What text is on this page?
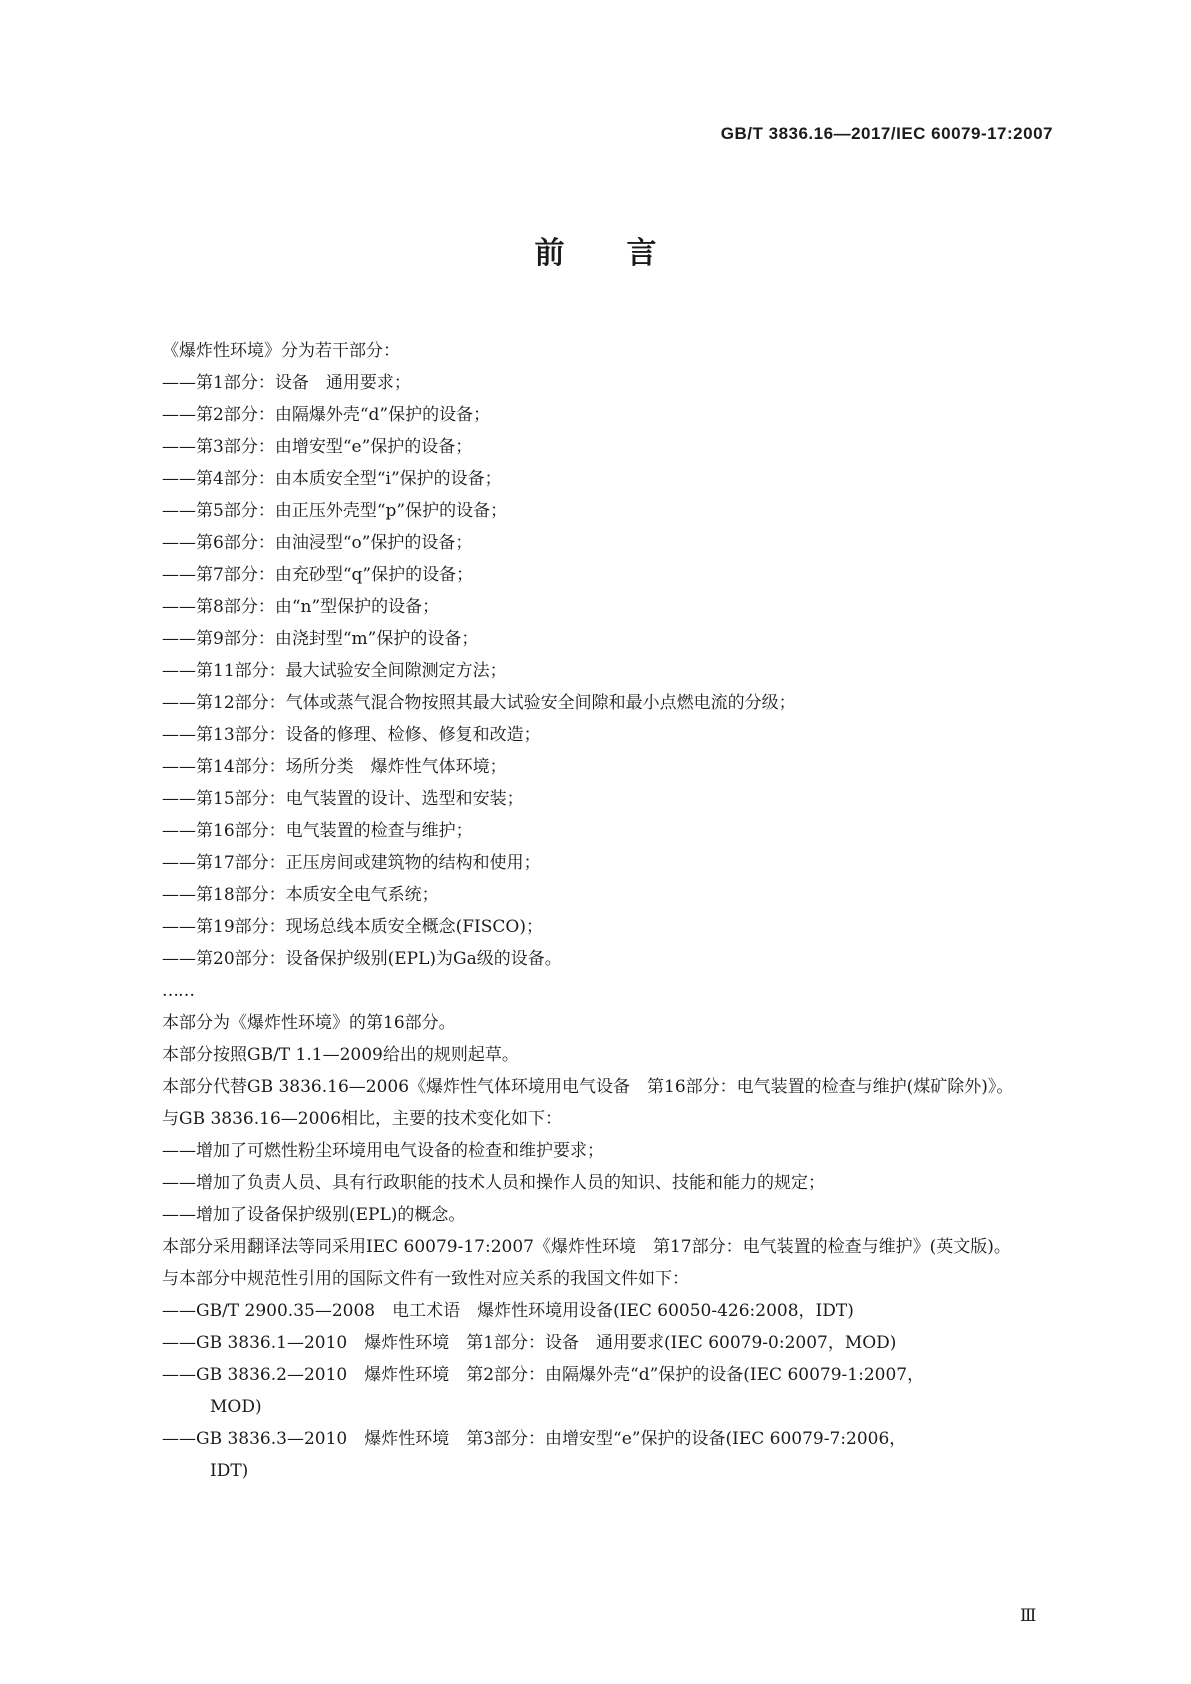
GB/T 3836.16—2017/IEC 60079-17:2007
前言

《爆炸性环境》分为若干部分：

——第1部分：设备　通用要求；

——第2部分：由隔爆外壳“d”保护的设备；

——第3部分：由增安型“e”保护的设备；

——第4部分：由本质安全型“i”保护的设备；

——第5部分：由正压外壳型“p”保护的设备；

——第6部分：由油浸型“o”保护的设备；

——第7部分：由充砂型“q”保护的设备；

——第8部分：由“n”型保护的设备；

——第9部分：由浇封型“m”保护的设备；

——第11部分：最大试验安全间隙测定方法；

——第12部分：气体或蒸气混合物按照其最大试验安全间隙和最小点燃电流的分级；

——第13部分：设备的修理、检修、修复和改造；

——第14部分：场所分类　爆炸性气体环境；

——第15部分：电气装置的设计、选型和安装；

——第16部分：电气装置的检查与维护；

——第17部分：正压房间或建筑物的结构和使用；

——第18部分：本质安全电气系统；

——第19部分：现场总线本质安全概念(FISCO)；

——第20部分：设备保护级别(EPL)为Ga级的设备。

……

本部分为《爆炸性环境》的第16部分。

本部分按照GB/T 1.1—2009给出的规则起草。

本部分代替GB 3836.16—2006《爆炸性气体环境用电气设备　第16部分：电气装置的检查与维护(煤矿除外)》。

与GB 3836.16—2006相比，主要的技术变化如下：

——增加了可燃性粉尘环境用电气设备的检查和维护要求；

——增加了负责人员、具有行政职能的技术人员和操作人员的知识、技能和能力的规定；

——增加了设备保护级别(EPL)的概念。

本部分采用翻译法等同采用IEC 60079-17:2007《爆炸性环境　第17部分：电气装置的检查与维护》(英文版)。

与本部分中规范性引用的国际文件有一致性对应关系的我国文件如下：

——GB/T 2900.35—2008　电工术语　爆炸性环境用设备(IEC 60050-426:2008，IDT)

——GB 3836.1—2010　爆炸性环境　第1部分：设备　通用要求(IEC 60079-0:2007，MOD)

——GB 3836.2—2010　爆炸性环境　第2部分：由隔爆外壳“d”保护的设备(IEC 60079-1:2007，
MOD)

——GB 3836.3—2010　爆炸性环境　第3部分：由增安型“e”保护的设备(IEC 60079-7:2006，
IDT)

Ⅲ
